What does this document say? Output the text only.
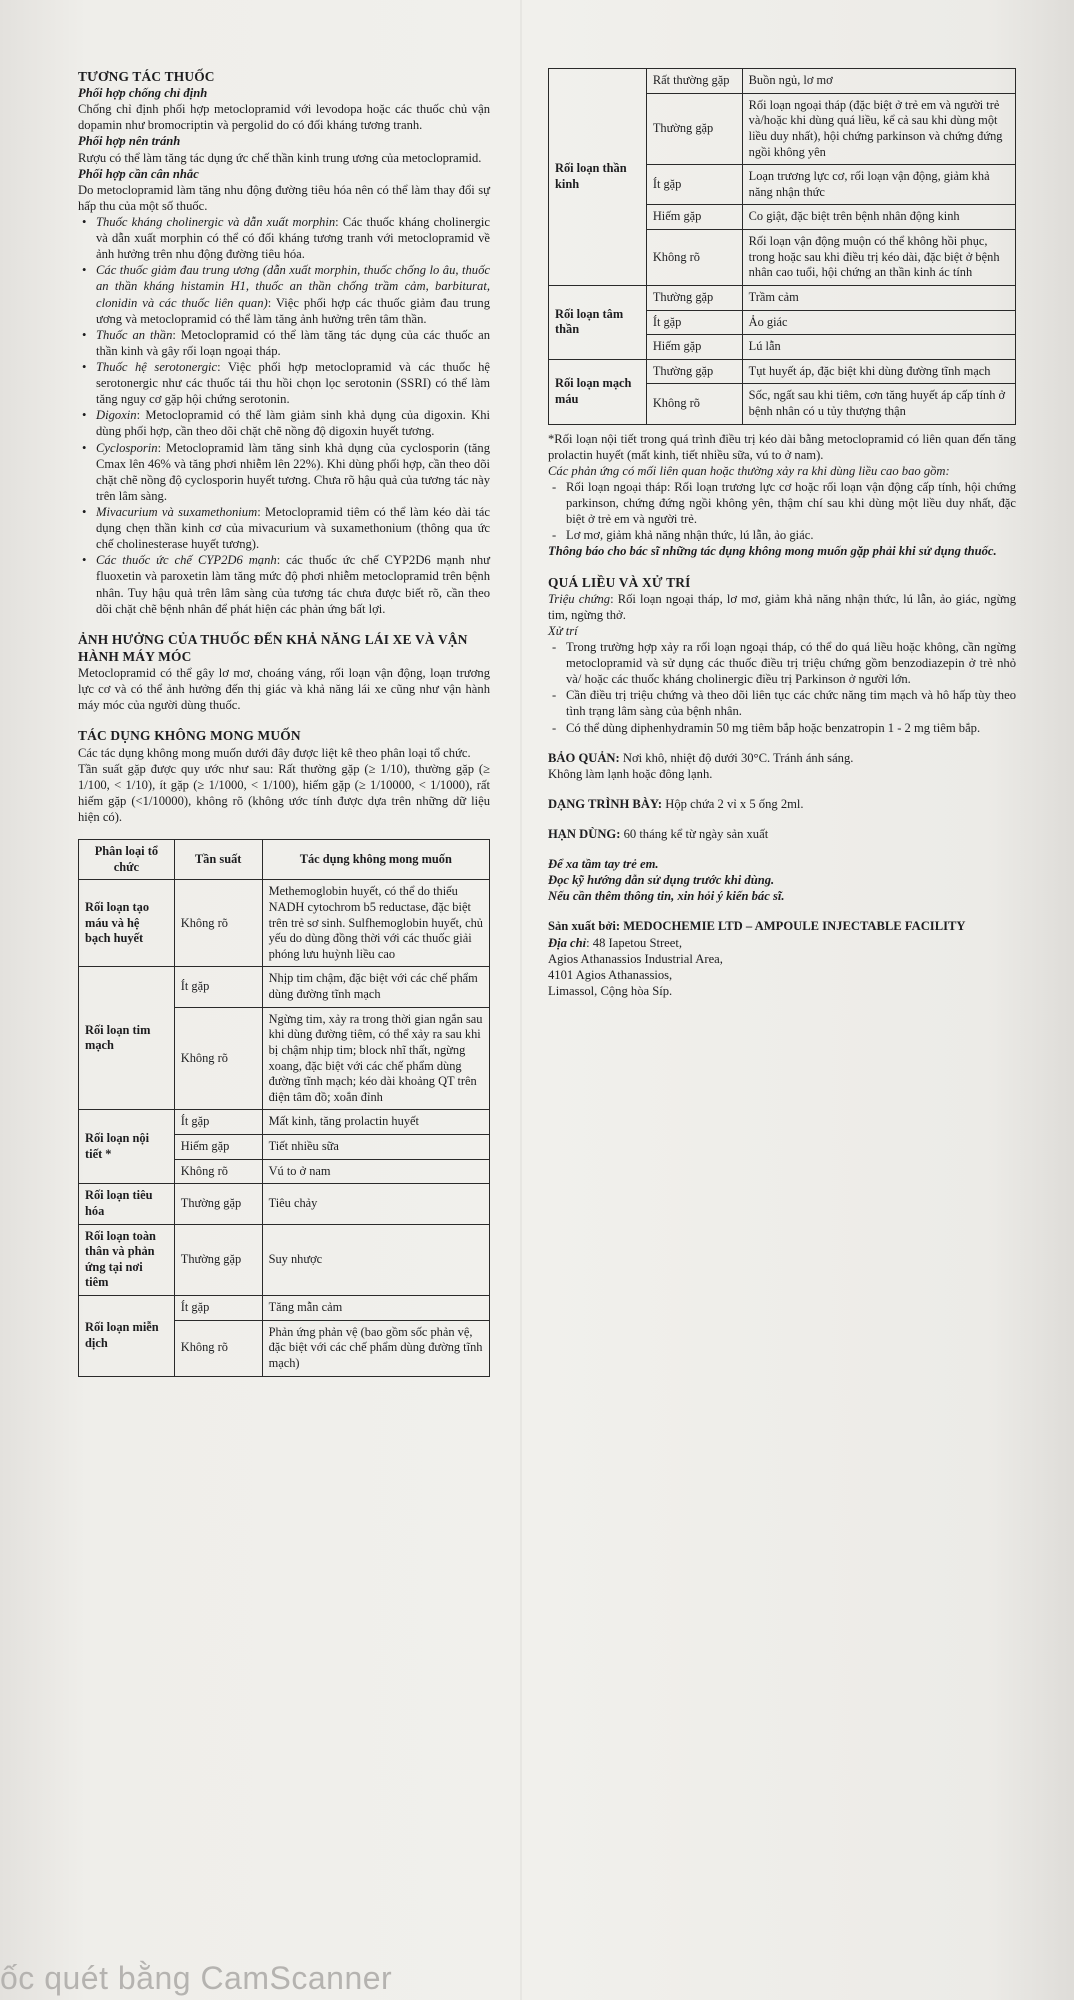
TƯƠNG TÁC THUỐC

Phối hợp chống chỉ định

Chống chỉ định phối hợp metoclopramid với levodopa hoặc các thuốc chủ vận dopamin như bromocriptin và pergolid do có đối kháng tương tranh.

Phối hợp nên tránh

Rượu có thể làm tăng tác dụng ức chế thần kinh trung ương của metoclopramid.

Phối hợp cần cân nhắc

Do metoclopramid làm tăng nhu động đường tiêu hóa nên có thể làm thay đổi sự hấp thu của một số thuốc.

• Thuốc kháng cholinergic và dẫn xuất morphin: Các thuốc kháng cholinergic và dẫn xuất morphin có thể có đối kháng tương tranh với metoclopramid về ảnh hưởng trên nhu động đường tiêu hóa.
• Các thuốc giảm đau trung ương (dẫn xuất morphin, thuốc chống lo âu, thuốc an thần kháng histamin H1, thuốc an thần chống trầm cảm, barbiturat, clonidin và các thuốc liên quan): Việc phối hợp các thuốc giảm đau trung ương và metoclopramid có thể làm tăng ảnh hưởng trên tâm thần.
• Thuốc an thần: Metoclopramid có thể làm tăng tác dụng của các thuốc an thần kinh và gây rối loạn ngoại tháp.
• Thuốc hệ serotonergic: Việc phối hợp metoclopramid và các thuốc hệ serotonergic như các thuốc tái thu hồi chọn lọc serotonin (SSRI) có thể làm tăng nguy cơ gặp hội chứng serotonin.
• Digoxin: Metoclopramid có thể làm giảm sinh khả dụng của digoxin. Khi dùng phối hợp, cần theo dõi chặt chẽ nồng độ digoxin huyết tương.
• Cyclosporin: Metoclopramid làm tăng sinh khả dụng của cyclosporin (tăng Cmax lên 46% và tăng phơi nhiễm lên 22%). Khi dùng phối hợp, cần theo dõi chặt chẽ nồng độ cyclosporin huyết tương. Chưa rõ hậu quả của tương tác này trên lâm sàng.
• Mivacurium và suxamethonium: Metoclopramid tiêm có thể làm kéo dài tác dụng chẹn thần kinh cơ của mivacurium và suxamethonium (thông qua ức chế cholinesterase huyết tương).
• Các thuốc ức chế CYP2D6 mạnh: các thuốc ức chế CYP2D6 mạnh như fluoxetin và paroxetin làm tăng mức độ phơi nhiễm metoclopramid trên bệnh nhân. Tuy hậu quả trên lâm sàng của tương tác chưa được biết rõ, cần theo dõi chặt chẽ bệnh nhân để phát hiện các phản ứng bất lợi.
ẢNH HƯỞNG CỦA THUỐC ĐẾN KHẢ NĂNG LÁI XE VÀ VẬN HÀNH MÁY MÓC

Metoclopramid có thể gây lơ mơ, choáng váng, rối loạn vận động, loạn trương lực cơ và có thể ảnh hưởng đến thị giác và khả năng lái xe cũng như vận hành máy móc của người dùng thuốc.

TÁC DỤNG KHÔNG MONG MUỐN

Các tác dụng không mong muốn dưới đây được liệt kê theo phân loại tổ chức.

Tần suất gặp được quy ước như sau: Rất thường gặp (≥ 1/10), thường gặp (≥ 1/100, < 1/10), ít gặp (≥ 1/1000, < 1/100), hiếm gặp (≥ 1/10000, < 1/1000), rất hiếm gặp (<1/10000), không rõ (không ước tính được dựa trên những dữ liệu hiện có).

Phân loại tổ chức	Tần suất	Tác dụng không mong muốn
Rối loạn tạo máu và hệ bạch huyết	Không rõ	Methemoglobin huyết, có thể do thiếu NADH cytochrom b5 reductase, đặc biệt trên trẻ sơ sinh. Sulfhemoglobin huyết, chủ yếu do dùng đồng thời với các thuốc giải phóng lưu huỳnh liều cao
Rối loạn tim mạch	Ít gặp	Nhịp tim chậm, đặc biệt với các chế phẩm dùng đường tĩnh mạch
	Không rõ	Ngừng tim, xảy ra trong thời gian ngắn sau khi dùng đường tiêm, có thể xảy ra sau khi bị chậm nhịp tim; block nhĩ thất, ngừng xoang, đặc biệt với các chế phẩm dùng đường tĩnh mạch; kéo dài khoảng QT trên điện tâm đồ; xoắn đỉnh
Rối loạn nội tiết *	Ít gặp	Mất kinh, tăng prolactin huyết
	Hiếm gặp	Tiết nhiều sữa
	Không rõ	Vú to ở nam
Rối loạn tiêu hóa	Thường gặp	Tiêu chảy
Rối loạn toàn thân và phản ứng tại nơi tiêm	Thường gặp	Suy nhược
Rối loạn miễn dịch	Ít gặp	Tăng mẫn cảm
	Không rõ	Phản ứng phản vệ (bao gồm sốc phản vệ, đặc biệt với các chế phẩm dùng đường tĩnh mạch)
Rối loạn thần kinh	Rất thường gặp	Buồn ngủ, lơ mơ
	Thường gặp	Rối loạn ngoại tháp (đặc biệt ở trẻ em và người trẻ và/hoặc khi dùng quá liều, kể cả sau khi dùng một liều duy nhất), hội chứng parkinson và chứng đứng ngồi không yên
	Ít gặp	Loạn trương lực cơ, rối loạn vận động, giảm khả năng nhận thức
	Hiếm gặp	Co giật, đặc biệt trên bệnh nhân động kinh
	Không rõ	Rối loạn vận động muộn có thể không hồi phục, trong hoặc sau khi điều trị kéo dài, đặc biệt ở bệnh nhân cao tuổi, hội chứng an thần kinh ác tính
Rối loạn tâm thần	Thường gặp	Trầm cảm
	Ít gặp	Ảo giác
	Hiếm gặp	Lú lẫn
Rối loạn mạch máu	Thường gặp	Tụt huyết áp, đặc biệt khi dùng đường tĩnh mạch
	Không rõ	Sốc, ngất sau khi tiêm, cơn tăng huyết áp cấp tính ở bệnh nhân có u tủy thượng thận

*Rối loạn nội tiết trong quá trình điều trị kéo dài bằng metoclopramid có liên quan đến tăng prolactin huyết (mất kinh, tiết nhiều sữa, vú to ở nam).

Các phản ứng có mối liên quan hoặc thường xảy ra khi dùng liều cao bao gồm:

- Rối loạn ngoại tháp: Rối loạn trương lực cơ hoặc rối loạn vận động cấp tính, hội chứng parkinson, chứng đứng ngồi không yên, thậm chí sau khi dùng một liều duy nhất, đặc biệt ở trẻ em và người trẻ.
- Lơ mơ, giảm khả năng nhận thức, lú lẫn, ảo giác.

Thông báo cho bác sĩ những tác dụng không mong muốn gặp phải khi sử dụng thuốc.

QUÁ LIỀU VÀ XỬ TRÍ

Triệu chứng: Rối loạn ngoại tháp, lơ mơ, giảm khả năng nhận thức, lú lẫn, ảo giác, ngừng tim, ngừng thở.

Xử trí

- Trong trường hợp xảy ra rối loạn ngoại tháp, có thể do quá liều hoặc không, cần ngừng metoclopramid và sử dụng các thuốc điều trị triệu chứng gồm benzodiazepin ở trẻ nhỏ và/ hoặc các thuốc kháng cholinergic điều trị Parkinson ở người lớn.
- Cần điều trị triệu chứng và theo dõi liên tục các chức năng tim mạch và hô hấp tùy theo tình trạng lâm sàng của bệnh nhân.
- Có thể dùng diphenhydramin 50 mg tiêm bắp hoặc benzatropin 1 - 2 mg tiêm bắp.

BẢO QUẢN: Nơi khô, nhiệt độ dưới 30°C. Tránh ánh sáng.

Không làm lạnh hoặc đông lạnh.

DẠNG TRÌNH BÀY: Hộp chứa 2 vỉ x 5 ống 2ml.

HẠN DÙNG: 60 tháng kể từ ngày sản xuất

Để xa tầm tay trẻ em.

Đọc kỹ hướng dẫn sử dụng trước khi dùng.

Nếu cần thêm thông tin, xin hỏi ý kiến bác sĩ.

Sản xuất bởi: MEDOCHEMIE LTD – AMPOULE INJECTABLE FACILITY

Địa chỉ: 48 Iapetou Street,

Agios Athanassios Industrial Area,

4101 Agios Athanassios,

Limassol, Cộng hòa Síp.

ốc quét bằng CamScanner
